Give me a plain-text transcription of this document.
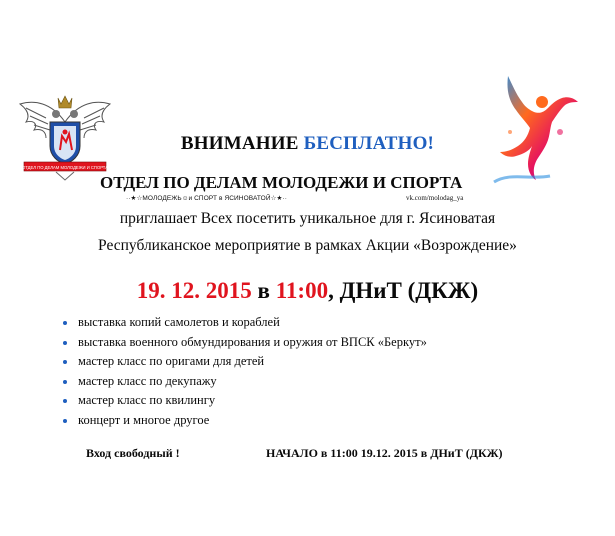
ОТДЕЛ ПО ДЕЛАМ МОЛОДЕЖИ И СПОРТА
ВНИМАНИЕ БЕСПЛАТНО!
ОТДЕЛ ПО ДЕЛАМ МОЛОДЕЖИ И СПОРТА
··★☆МОЛОДЕЖЬ☺и СПОРТ в ЯСИНОВАТОЙ☆★··	vk.com/molodag_ya
приглашает Всех посетить уникальное для г. Ясиноватая
Республиканское мероприятие в рамках Акции «Возрождение»
19. 12. 2015 в 11:00, ДНиТ (ДКЖ)
выставка копий самолетов и кораблей
выставка военного обмундирования и оружия от ВПСК «Беркут»
мастер класс по оригами для детей
мастер класс по декупажу
мастер класс по квилингу
концерт и многое другое
Вход свободный !	НАЧАЛО в 11:00 19.12. 2015 в ДНиТ (ДКЖ)
